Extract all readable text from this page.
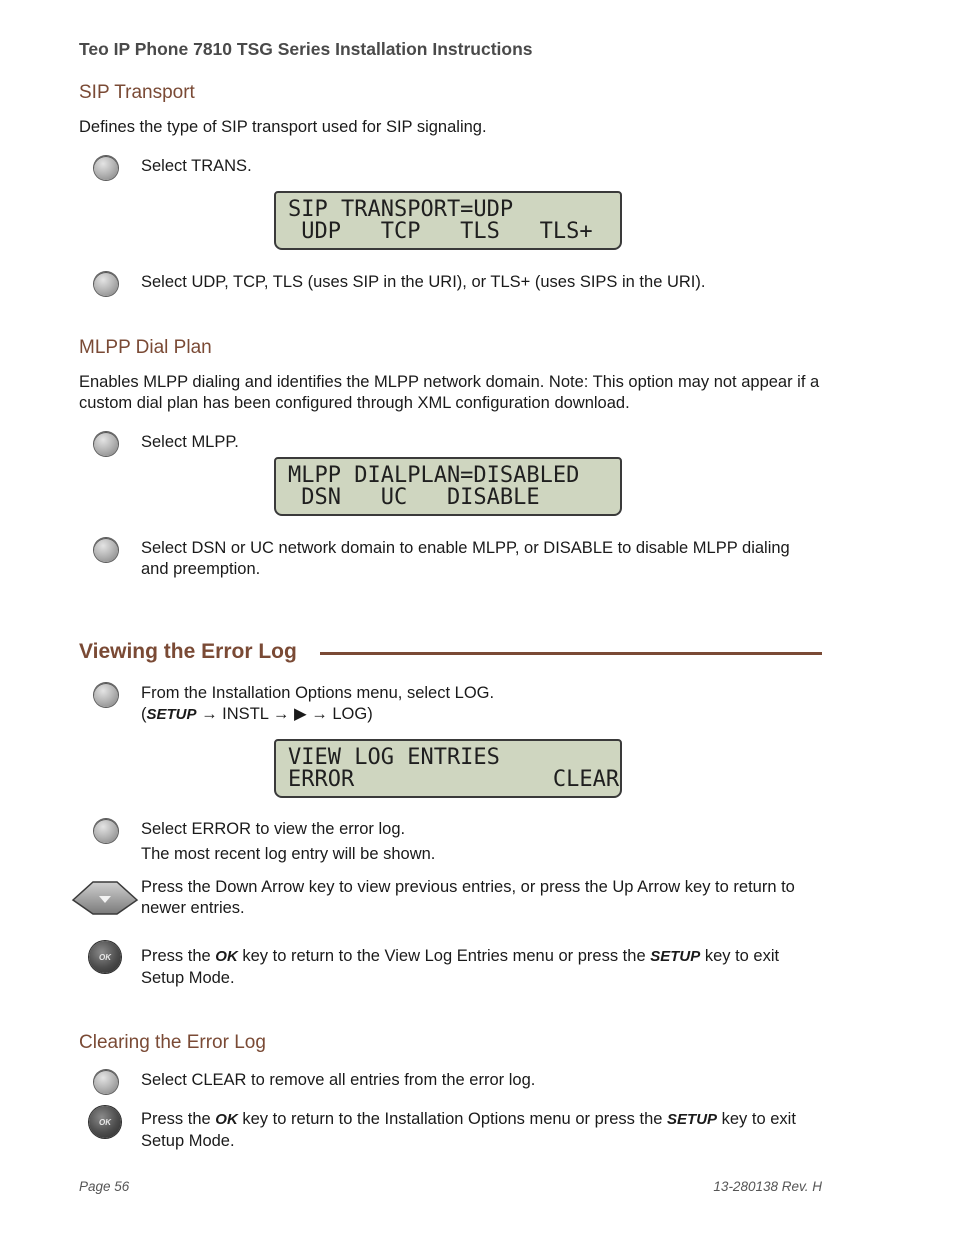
Teo IP Phone 7810 TSG Series Installation Instructions
SIP Transport
Defines the type of SIP transport used for SIP signaling.
Select TRANS.
SIP TRANSPORT=UDP
UDP   TCP   TLS   TLS+
Select UDP, TCP, TLS (uses SIP in the URI), or TLS+ (uses SIPS in the URI).
MLPP Dial Plan
Enables MLPP dialing and identifies the MLPP network domain. Note: This option may not appear if a custom dial plan has been configured through XML configuration download.
Select MLPP.
MLPP DIALPLAN=DISABLED
DSN   UC   DISABLE
Select DSN or UC network domain to enable MLPP, or DISABLE to disable MLPP dialing and preemption.
Viewing the Error Log
From the Installation Options menu, select LOG.
(SETUP → INSTL → ▶ → LOG)
VIEW LOG ENTRIES
ERROR               CLEAR
Select ERROR to view the error log.
The most recent log entry will be shown.
Press the Down Arrow key to view previous entries, or press the Up Arrow key to return to newer entries.
OK	Press the OK key to return to the View Log Entries menu or press the SETUP key to exit Setup Mode.
Clearing the Error Log
Select CLEAR to remove all entries from the error log.
OK	Press the OK key to return to the Installation Options menu or press the SETUP key to exit Setup Mode.
Page 56	13-280138 Rev. H
